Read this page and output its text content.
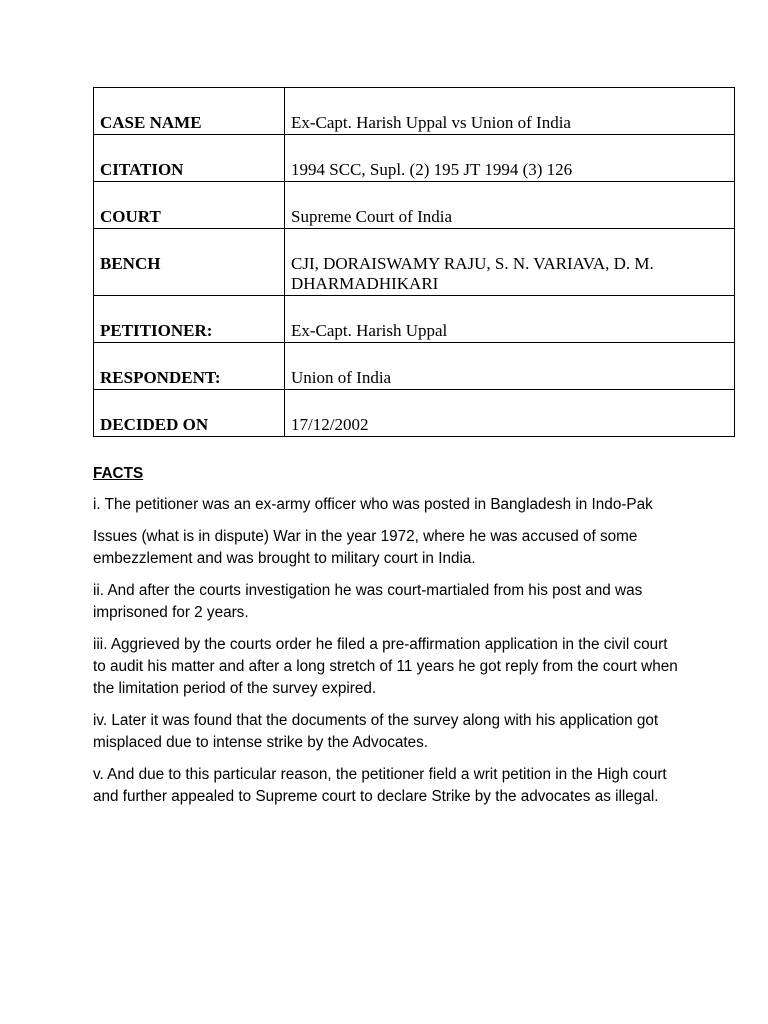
CASE NAME	Ex-Capt. Harish Uppal vs Union of India
CITATION	1994 SCC, Supl. (2) 195 JT 1994 (3) 126
COURT	Supreme Court of India
BENCH	CJI, DORAISWAMY RAJU, S. N. VARIAVA, D. M. DHARMADHIKARI
PETITIONER:	Ex-Capt. Harish Uppal
RESPONDENT:	Union of India
DECIDED ON	17/12/2002
FACTS

i. The petitioner was an ex-army officer who was posted in Bangladesh in Indo-Pak

Issues (what is in dispute) War in the year 1972, where he was accused of some embezzlement and was brought to military court in India.

ii. And after the courts investigation he was court-martialed from his post and was imprisoned for 2 years.

iii. Aggrieved by the courts order he filed a pre-affirmation application in the civil court to audit his matter and after a long stretch of 11 years he got reply from the court when the limitation period of the survey expired.

iv. Later it was found that the documents of the survey along with his application got misplaced due to intense strike by the Advocates.

v. And due to this particular reason, the petitioner field a writ petition in the High court and further appealed to Supreme court to declare Strike by the advocates as illegal.
